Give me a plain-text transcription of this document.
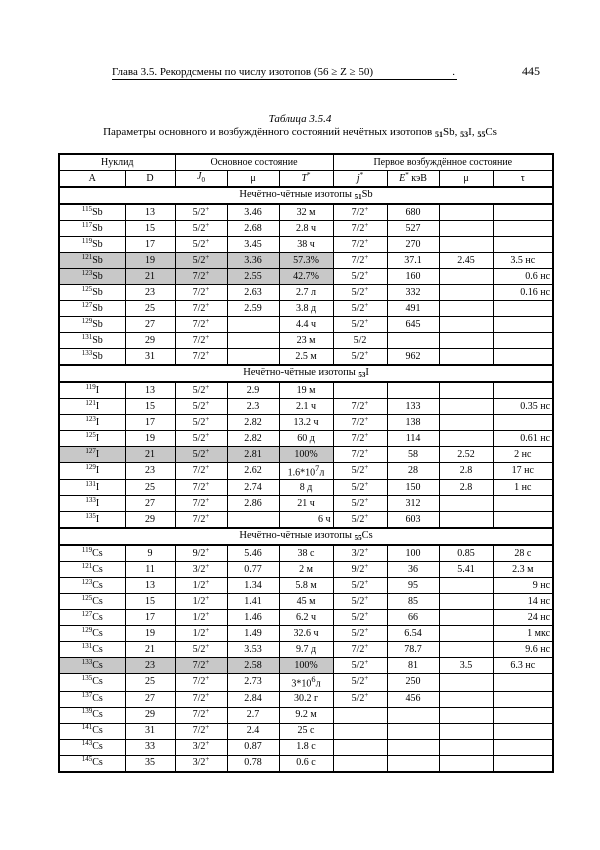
Глава 3.5. Рекордсмены по числу изотопов (56 ≥ Z ≥ 50)	.	445
Таблица 3.5.4
Параметры основного и возбуждённого состояний нечётных изотопов $_{51}$Sb, $_{53}$I, $_{55}$Cs
Нуклид		Основное состояние			Первое возбуждённое состояние			
A	D	$J_0$	μ	T*	j*	E* кэВ	μ	τ
Нечётно-чётные изотопы $_{51}$Sb								
$^{115}$Sb	13	5/2+	3.46	32 м	7/2+	680		
$^{117}$Sb	15	5/2+	2.68	2.8 ч	7/2+	527		
$^{119}$Sb	17	5/2+	3.45	38 ч	7/2+	270		
$^{121}$Sb	19	5/2+	3.36	57.3%	7/2+	37.1	2.45	3.5 нс
$^{123}$Sb	21	7/2+	2.55	42.7%	5/2+	160		0.6 нс
$^{125}$Sb	23	7/2+	2.63	2.7 л	5/2+	332		0.16 нс
$^{127}$Sb	25	7/2+	2.59	3.8 д	5/2+	491		
$^{129}$Sb	27	7/2+		4.4 ч	5/2+	645		
$^{131}$Sb	29	7/2+		23 м	5/2			
$^{133}$Sb	31	7/2+		2.5 м	5/2+	962		
Нечётно-чётные изотопы $_{53}$I								
$^{119}$I	13	5/2+	2.9	19 м				
$^{121}$I	15	5/2+	2.3	2.1 ч	7/2+	133		0.35 нс
$^{123}$I	17	5/2+	2.82	13.2 ч	7/2+	138		
$^{125}$I	19	5/2+	2.82	60 д	7/2+	114		0.61 нс
$^{127}$I	21	5/2+	2.81	100%	7/2+	58	2.52	2 нс
$^{129}$I	23	7/2+	2.62	$1.6*10^7л$	5/2+	28	2.8	17 нс
$^{131}$I	25	7/2+	2.74	8 д	5/2+	150	2.8	1 нс
$^{133}$I	27	7/2+	2.86	21 ч	5/2+	312		
$^{135}$I	29	7/2+		6 ч	5/2+	603		
Нечётно-чётные изотопы $_{55}$Cs								
$^{119}$Cs	9	9/2+	5.46	38 с	3/2+	100	0.85	28 с
$^{121}$Cs	11	3/2+	0.77	2 м	9/2+	36	5.41	2.3 м
$^{123}$Cs	13	1/2+	1.34	5.8 м	5/2+	95		9 нс
$^{125}$Cs	15	1/2+	1.41	45 м	5/2+	85		14 нс
$^{127}$Cs	17	1/2+	1.46	6.2 ч	5/2+	66		24 нс
$^{129}$Cs	19	1/2+	1.49	32.6 ч	5/2+	6.54		1 мкс
$^{131}$Cs	21	5/2+	3.53	9.7 д	7/2+	78.7		9.6 нс
$^{133}$Cs	23	7/2+	2.58	100%	5/2+	81	3.5	6.3 нс
$^{135}$Cs	25	7/2+	2.73	$3*10^6л$	5/2+	250		
$^{137}$Cs	27	7/2+	2.84	30.2 г	5/2+	456		
$^{139}$Cs	29	7/2+	2.7	9.2 м				
$^{141}$Cs	31	7/2+	2.4	25 с				
$^{143}$Cs	33	3/2+	0.87	1.8 с				
$^{145}$Cs	35	3/2+	0.78	0.6 с				
